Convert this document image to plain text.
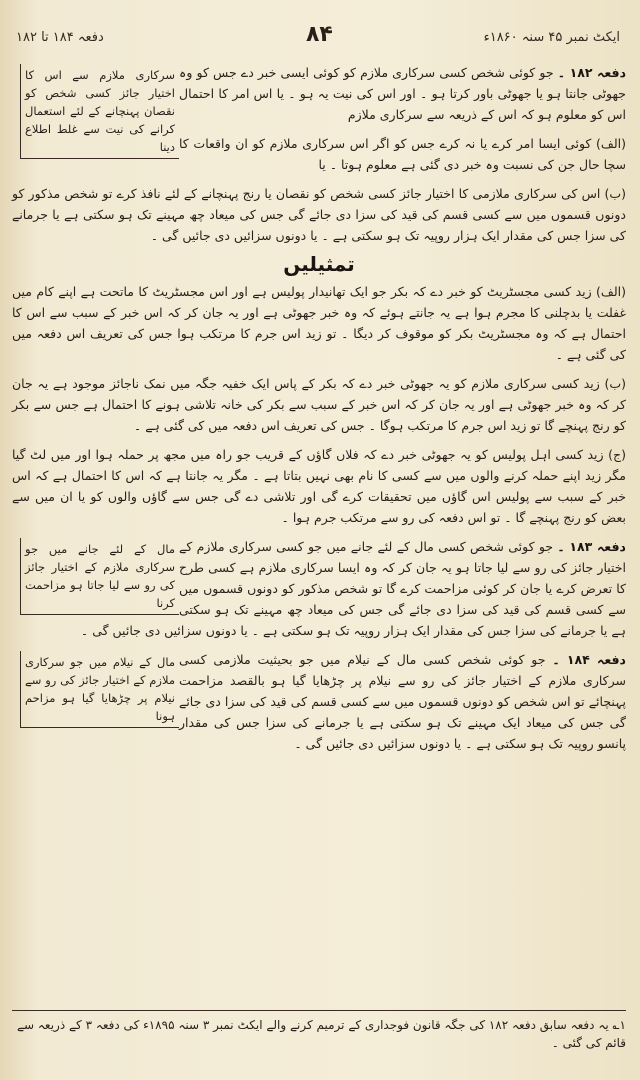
دفعہ ۱۸۴ تا ۱۸۲	۸۴	ایکٹ نمبر ۴۵ سنہ ۱۸۶۰ء
سرکاری ملازم سے اس کا اختیار جائز کسی شخص کو نقصان پہنچانے کے لئے استعمال کرانے کی نیت سے غلط اطلاع دینا
دفعہ ۱۸۲ ۔ جو کوئی شخص کسی سرکاری ملازم کو کوئی ایسی خبر دے جس کو وہ جھوٹی جانتا ہو یا جھوٹی باور کرتا ہو ۔ اور اس کی نیت یہ ہو ۔ یا اس امر کا احتمال اس کو معلوم ہو کہ اس کے ذریعہ سے سرکاری ملازم
(الف) کوئی ایسا امر کرے یا نہ کرے جس کو اگر اس سرکاری ملازم کو ان واقعات کا سچا حال جن کی نسبت وہ خبر دی گئی ہے معلوم ہوتا ۔ یا
(ب) اس کی سرکاری ملازمی کا اختیار جائز کسی شخص کو نقصان یا رنج پہنچانے کے لئے نافذ کرے تو شخص مذکور کو دونوں قسموں میں سے کسی قسم کی قید کی سزا دی جائے گی جس کی میعاد چھ مہینے تک ہو سکتی ہے یا جرمانے کی سزا جس کی مقدار ایک ہزار روپیہ تک ہو سکتی ہے ۔ یا دونوں سزائیں دی جائیں گی ۔
تمثیلیں
(الف) زید کسی مجسٹریٹ کو خبر دے کہ بکر جو ایک تھانیدار پولیس ہے اور اس مجسٹریٹ کا ماتحت ہے اپنے کام میں غفلت یا بدچلنی کا مجرم ہوا ہے یہ جانتے ہوئے کہ وہ خبر جھوٹی ہے اور یہ جان کر کہ اس خبر کے سبب سے اس کا احتمال ہے کہ وہ مجسٹریٹ بکر کو موقوف کر دیگا ۔ تو زید اس جرم کا مرتکب ہوا جس کی تعریف اس دفعہ میں کی گئی ہے ۔
(ب) زید کسی سرکاری ملازم کو یہ جھوٹی خبر دے کہ بکر کے پاس ایک خفیہ جگہ میں نمک ناجائز موجود ہے یہ جان کر کہ وہ خبر جھوٹی ہے اور یہ جان کر کہ اس خبر کے سبب سے بکر کی خانہ تلاشی ہونے کا احتمال ہے جس سے بکر کو رنج پہنچے گا تو زید اس جرم کا مرتکب ہوگا ۔ جس کی تعریف اس دفعہ میں کی گئی ہے ۔
(ج) زید کسی اہل پولیس کو یہ جھوٹی خبر دے کہ فلاں گاؤں کے قریب جو راہ میں مجھ پر حملہ ہوا اور میں لٹ گیا مگر زید اپنے حملہ کرنے والوں میں سے کسی کا نام بھی نہیں بتاتا ہے ۔ مگر یہ جانتا ہے کہ اس کا احتمال ہے کہ اس خبر کے سبب سے پولیس اس گاؤں میں تحقیقات کرے گی اور تلاشی دے گی جس سے گاؤں والوں کو یا ان میں سے بعض کو رنج پہنچے گا ۔ تو اس دفعہ کی رو سے مرتکب جرم ہوا ۔
مال کے لئے جانے میں جو سرکاری ملازم کے اختیار جائز کی رو سے لیا جاتا ہو مزاحمت کرنا
دفعہ ۱۸۳ ۔ جو کوئی شخص کسی مال کے لئے جانے میں جو کسی سرکاری ملازم کے اختیار جائز کی رو سے لیا جاتا ہو یہ جان کر کہ وہ ایسا سرکاری ملازم ہے کسی طرح کا تعرض کرے یا جان کر کوئی مزاحمت کرے گا تو شخص مذکور کو دونوں قسموں میں سے کسی قسم کی قید کی سزا دی جائے گی جس کی میعاد چھ مہینے تک ہو سکتی ہے یا جرمانے کی سزا جس کی مقدار ایک ہزار روپیہ تک ہو سکتی ہے ۔ یا دونوں سزائیں دی جائیں گی ۔
مال کے نیلام میں جو سرکاری ملازم کے اختیار جائز کی رو سے نیلام پر چڑھایا گیا ہو مزاحم ہونا
دفعہ ۱۸۴ ۔ جو کوئی شخص کسی مال کے نیلام میں جو بحیثیت ملازمی کسی سرکاری ملازم کے اختیار جائز کی رو سے نیلام پر چڑھایا گیا ہو بالقصد مزاحمت پہنچائے تو اس شخص کو دونوں قسموں میں سے کسی قسم کی قید کی سزا دی جائے گی جس کی میعاد ایک مہینے تک ہو سکتی ہے یا جرمانے کی سزا جس کی مقدار پانسو روپیہ تک ہو سکتی ہے ۔ یا دونوں سزائیں دی جائیں گی ۔
۱؎ یہ دفعہ سابق دفعہ ۱۸۲ کی جگہ قانون فوجداری کے ترمیم کرنے والے ایکٹ نمبر ۳ سنہ ۱۸۹۵ء کی دفعہ ۳ کے ذریعہ سے قائم کی گئی ۔
